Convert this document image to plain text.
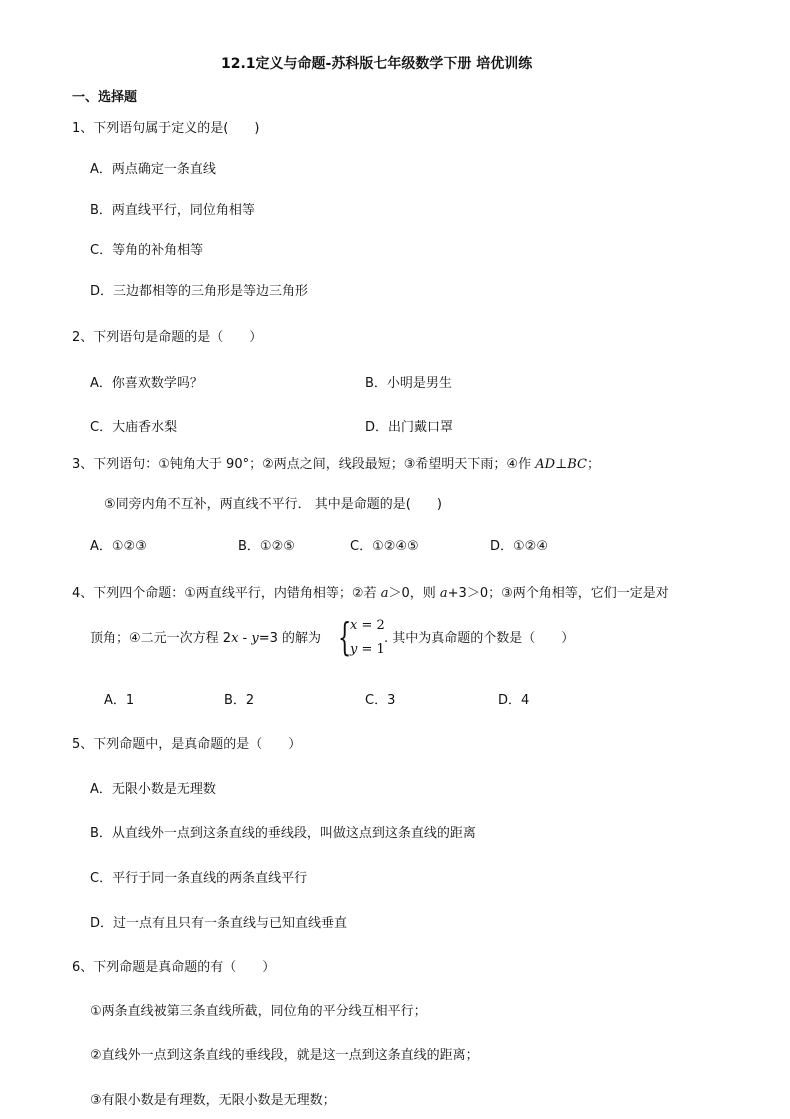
12.1定义与命题-苏科版七年级数学下册 培优训练
一、选择题
1、下列语句属于定义的是(　　)
A．两点确定一条直线
B．两直线平行，同位角相等
C．等角的补角相等
D．三边都相等的三角形是等边三角形
2、下列语句是命题的是（　　）
A．你喜欢数学吗？	B．小明是男生
C．大庙香水梨	D．出门戴口罩
3、下列语句：①钝角大于 90°；②两点之间，线段最短；③希望明天下雨；④作 AD⊥BC；
⑤同旁内角不互补，两直线不平行． 其中是命题的是(　　)
A．①②③	B．①②⑤	C．①②④⑤	D．①②④
4、下列四个命题：①两直线平行，内错角相等；②若 a＞0，则 a+3＞0；③两个角相等，它们一定是对
顶角；④二元一次方程 2x - y=3 的解为 {
x = 2
y = 1
. 其中为真命题的个数是（　　）
A．1	B．2	C．3	D．4
5、下列命题中，是真命题的是（　　）
A．无限小数是无理数
B．从直线外一点到这条直线的垂线段，叫做这点到这条直线的距离
C．平行于同一条直线的两条直线平行
D．过一点有且只有一条直线与已知直线垂直
6、下列命题是真命题的有（　　）
①两条直线被第三条直线所截，同位角的平分线互相平行；
②直线外一点到这条直线的垂线段，就是这一点到这条直线的距离；
③有限小数是有理数，无限小数是无理数；
